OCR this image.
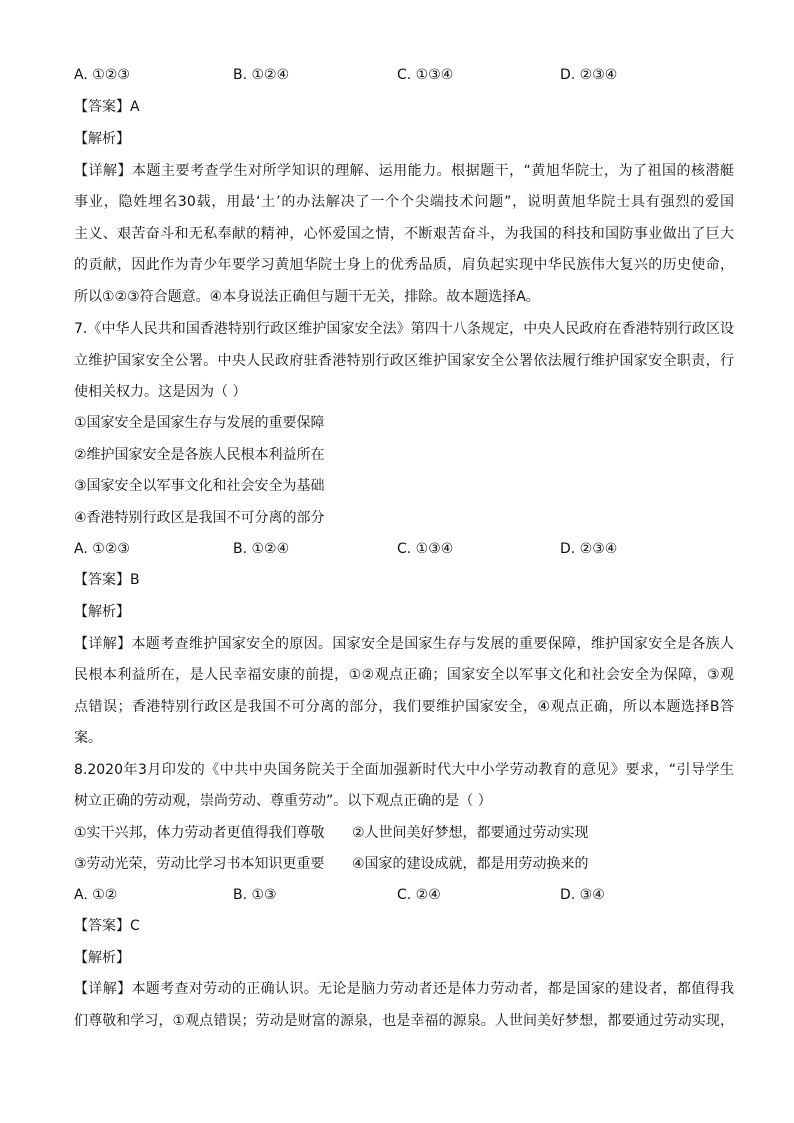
A. ①②③	B. ①②④	C. ①③④	D. ②③④
【答案】A
【解析】
【详解】本题主要考查学生对所学知识的理解、运用能力。根据题干，“黄旭华院士，为了祖国的核潜艇
事业，隐姓埋名30载，用最‘土’的办法解决了一个个尖端技术问题”，说明黄旭华院士具有强烈的爱国
主义、艰苦奋斗和无私奉献的精神，心怀爱国之情，不断艰苦奋斗，为我国的科技和国防事业做出了巨大
的贡献，因此作为青少年要学习黄旭华院士身上的优秀品质，肩负起实现中华民族伟大复兴的历史使命，
所以①②③符合题意。④本身说法正确但与题干无关，排除。故本题选择A。
7.《中华人民共和国香港特别行政区维护国家安全法》第四十八条规定，中央人民政府在香港特别行政区设
立维护国家安全公署。中央人民政府驻香港特别行政区维护国家安全公署依法履行维护国家安全职责，行
使相关权力。这是因为（ ）
①国家安全是国家生存与发展的重要保障
②维护国家安全是各族人民根本利益所在
③国家安全以军事文化和社会安全为基础
④香港特别行政区是我国不可分离的部分
A. ①②③	B. ①②④	C. ①③④	D. ②③④
【答案】B
【解析】
【详解】本题考查维护国家安全的原因。国家安全是国家生存与发展的重要保障，维护国家安全是各族人
民根本利益所在，是人民幸福安康的前提，①②观点正确；国家安全以军事文化和社会安全为保障，③观
点错误；香港特别行政区是我国不可分离的部分，我们要维护国家安全，④观点正确，所以本题选择B答
案。
8.2020年3月印发的《中共中央国务院关于全面加强新时代大中小学劳动教育的意见》要求，“引导学生
树立正确的劳动观，崇尚劳动、尊重劳动”。以下观点正确的是（ ）
①实干兴邦，体力劳动者更值得我们尊敬 ②人世间美好梦想，都要通过劳动实现
③劳动光荣，劳动比学习书本知识更重要 ④国家的建设成就，都是用劳动换来的
A. ①②	B. ①③	C. ②④	D. ③④
【答案】C
【解析】
【详解】本题考查对劳动的正确认识。无论是脑力劳动者还是体力劳动者，都是国家的建设者，都值得我
们尊敬和学习，①观点错误；劳动是财富的源泉，也是幸福的源泉。人世间美好梦想，都要通过劳动实现，
